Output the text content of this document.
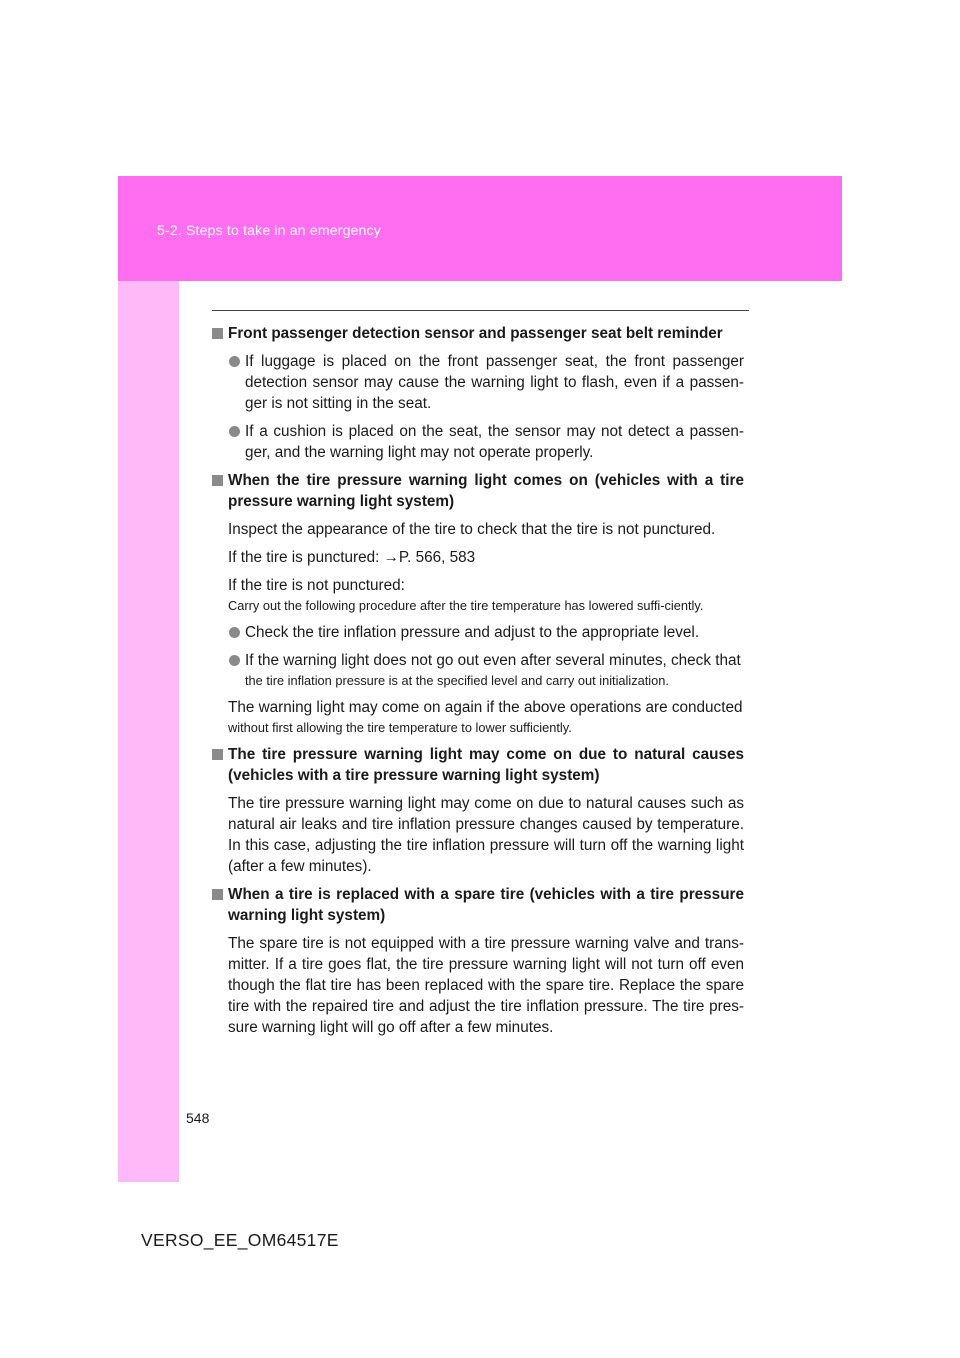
5-2. Steps to take in an emergency
Front passenger detection sensor and passenger seat belt reminder
If luggage is placed on the front passenger seat, the front passenger detection sensor may cause the warning light to flash, even if a passen-ger is not sitting in the seat.
If a cushion is placed on the seat, the sensor may not detect a passen-ger, and the warning light may not operate properly.
When the tire pressure warning light comes on (vehicles with a tire pressure warning light system)
Inspect the appearance of the tire to check that the tire is not punctured.
If the tire is punctured: →P. 566, 583
If the tire is not punctured:
Carry out the following procedure after the tire temperature has lowered suffi-ciently.
Check the tire inflation pressure and adjust to the appropriate level.
If the warning light does not go out even after several minutes, check that
the tire inflation pressure is at the specified level and carry out initialization.
The warning light may come on again if the above operations are conducted
without first allowing the tire temperature to lower sufficiently.
The tire pressure warning light may come on due to natural causes (vehicles with a tire pressure warning light system)
The tire pressure warning light may come on due to natural causes such as natural air leaks and tire inflation pressure changes caused by temperature. In this case, adjusting the tire inflation pressure will turn off the warning light (after a few minutes).
When a tire is replaced with a spare tire (vehicles with a tire pressure warning light system)
The spare tire is not equipped with a tire pressure warning valve and trans-mitter. If a tire goes flat, the tire pressure warning light will not turn off even though the flat tire has been replaced with the spare tire. Replace the spare tire with the repaired tire and adjust the tire inflation pressure. The tire pres-sure warning light will go off after a few minutes.
548
VERSO_EE_OM64517E
